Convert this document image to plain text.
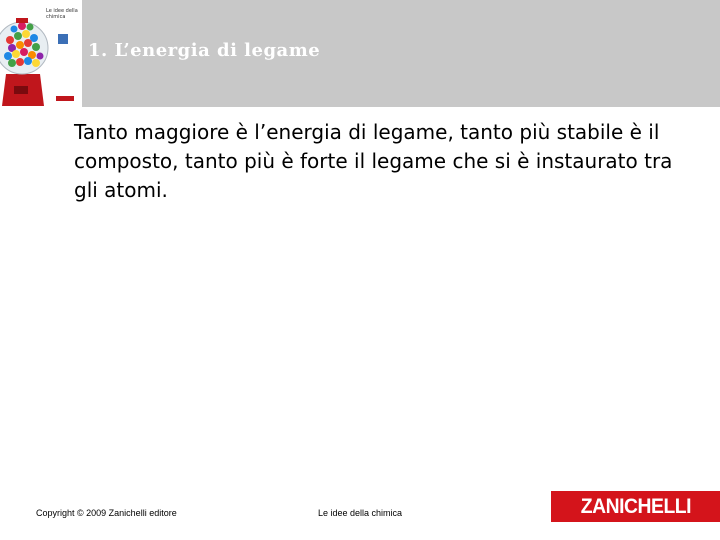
Le idee della chimica
1. L’energia di legame
Tanto maggiore è l’energia di legame, tanto più stabile è il composto, tanto più è forte il legame che si è instaurato tra gli atomi.
Copyright © 2009 Zanichelli editore	Le idee della chimica	ZANICHELLI
